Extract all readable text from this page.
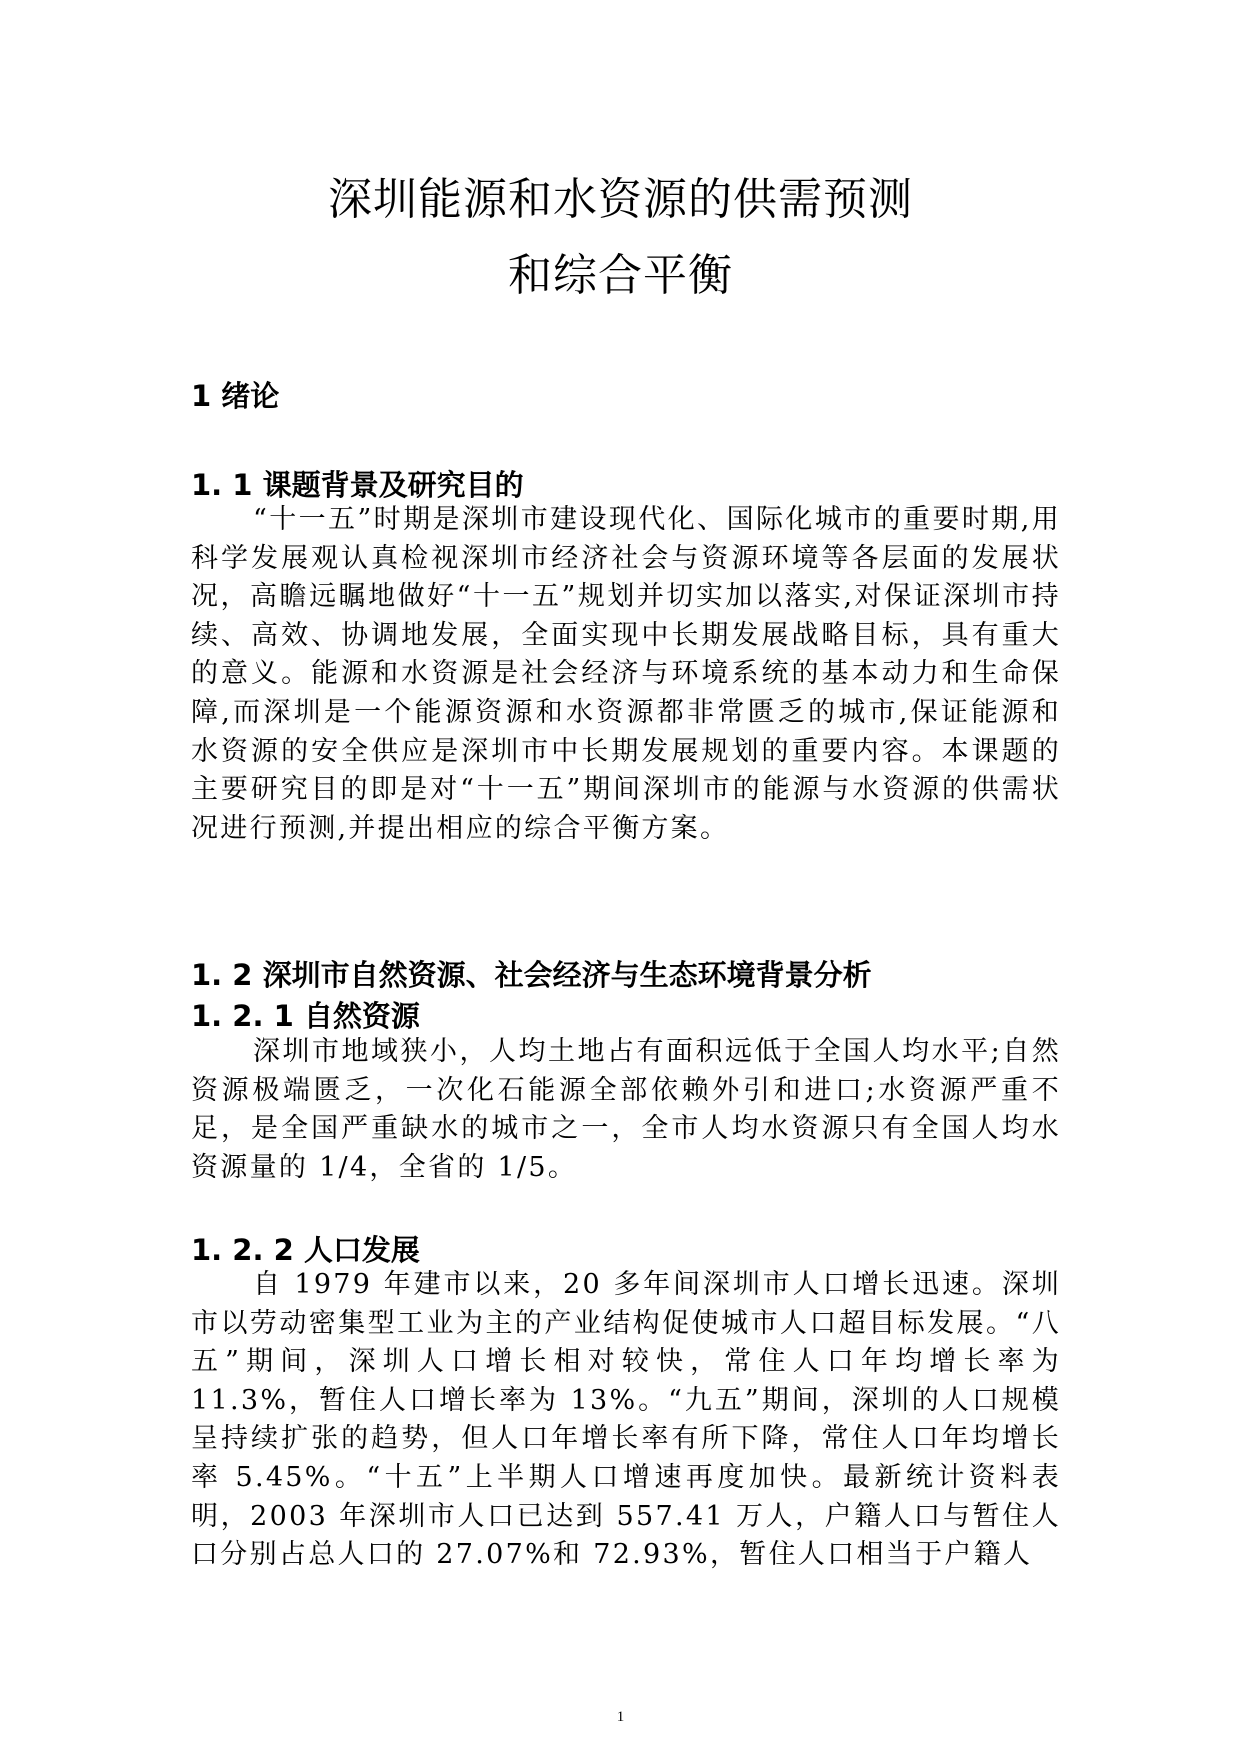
深圳能源和水资源的供需预测
和综合平衡
1 绪论
1. 1 课题背景及研究目的
“十一五”时期是深圳市建设现代化、国际化城市的重要时期,用科学发展观认真检视深圳市经济社会与资源环境等各层面的发展状况，高瞻远瞩地做好“十一五”规划并切实加以落实,对保证深圳市持续、高效、协调地发展，全面实现中长期发展战略目标，具有重大的意义。能源和水资源是社会经济与环境系统的基本动力和生命保障,而深圳是一个能源资源和水资源都非常匮乏的城市,保证能源和水资源的安全供应是深圳市中长期发展规划的重要内容。本课题的主要研究目的即是对“十一五”期间深圳市的能源与水资源的供需状况进行预测,并提出相应的综合平衡方案。
1. 2 深圳市自然资源、社会经济与生态环境背景分析
1. 2. 1 自然资源
深圳市地域狭小，人均土地占有面积远低于全国人均水平;自然资源极端匮乏，一次化石能源全部依赖外引和进口;水资源严重不足，是全国严重缺水的城市之一，全市人均水资源只有全国人均水资源量的 1/4，全省的 1/5。
1. 2. 2 人口发展
自 1979 年建市以来，20 多年间深圳市人口增长迅速。深圳市以劳动密集型工业为主的产业结构促使城市人口超目标发展。“八五”期间，深圳人口增长相对较快，常住人口年均增长率为 11.3%，暂住人口增长率为 13%。“九五”期间，深圳的人口规模呈持续扩张的趋势，但人口年增长率有所下降，常住人口年均增长率 5.45%。“十五”上半期人口增速再度加快。最新统计资料表明，2003 年深圳市人口已达到 557.41 万人，户籍人口与暂住人口分别占总人口的 27.07%和 72.93%，暂住人口相当于户籍人
1
